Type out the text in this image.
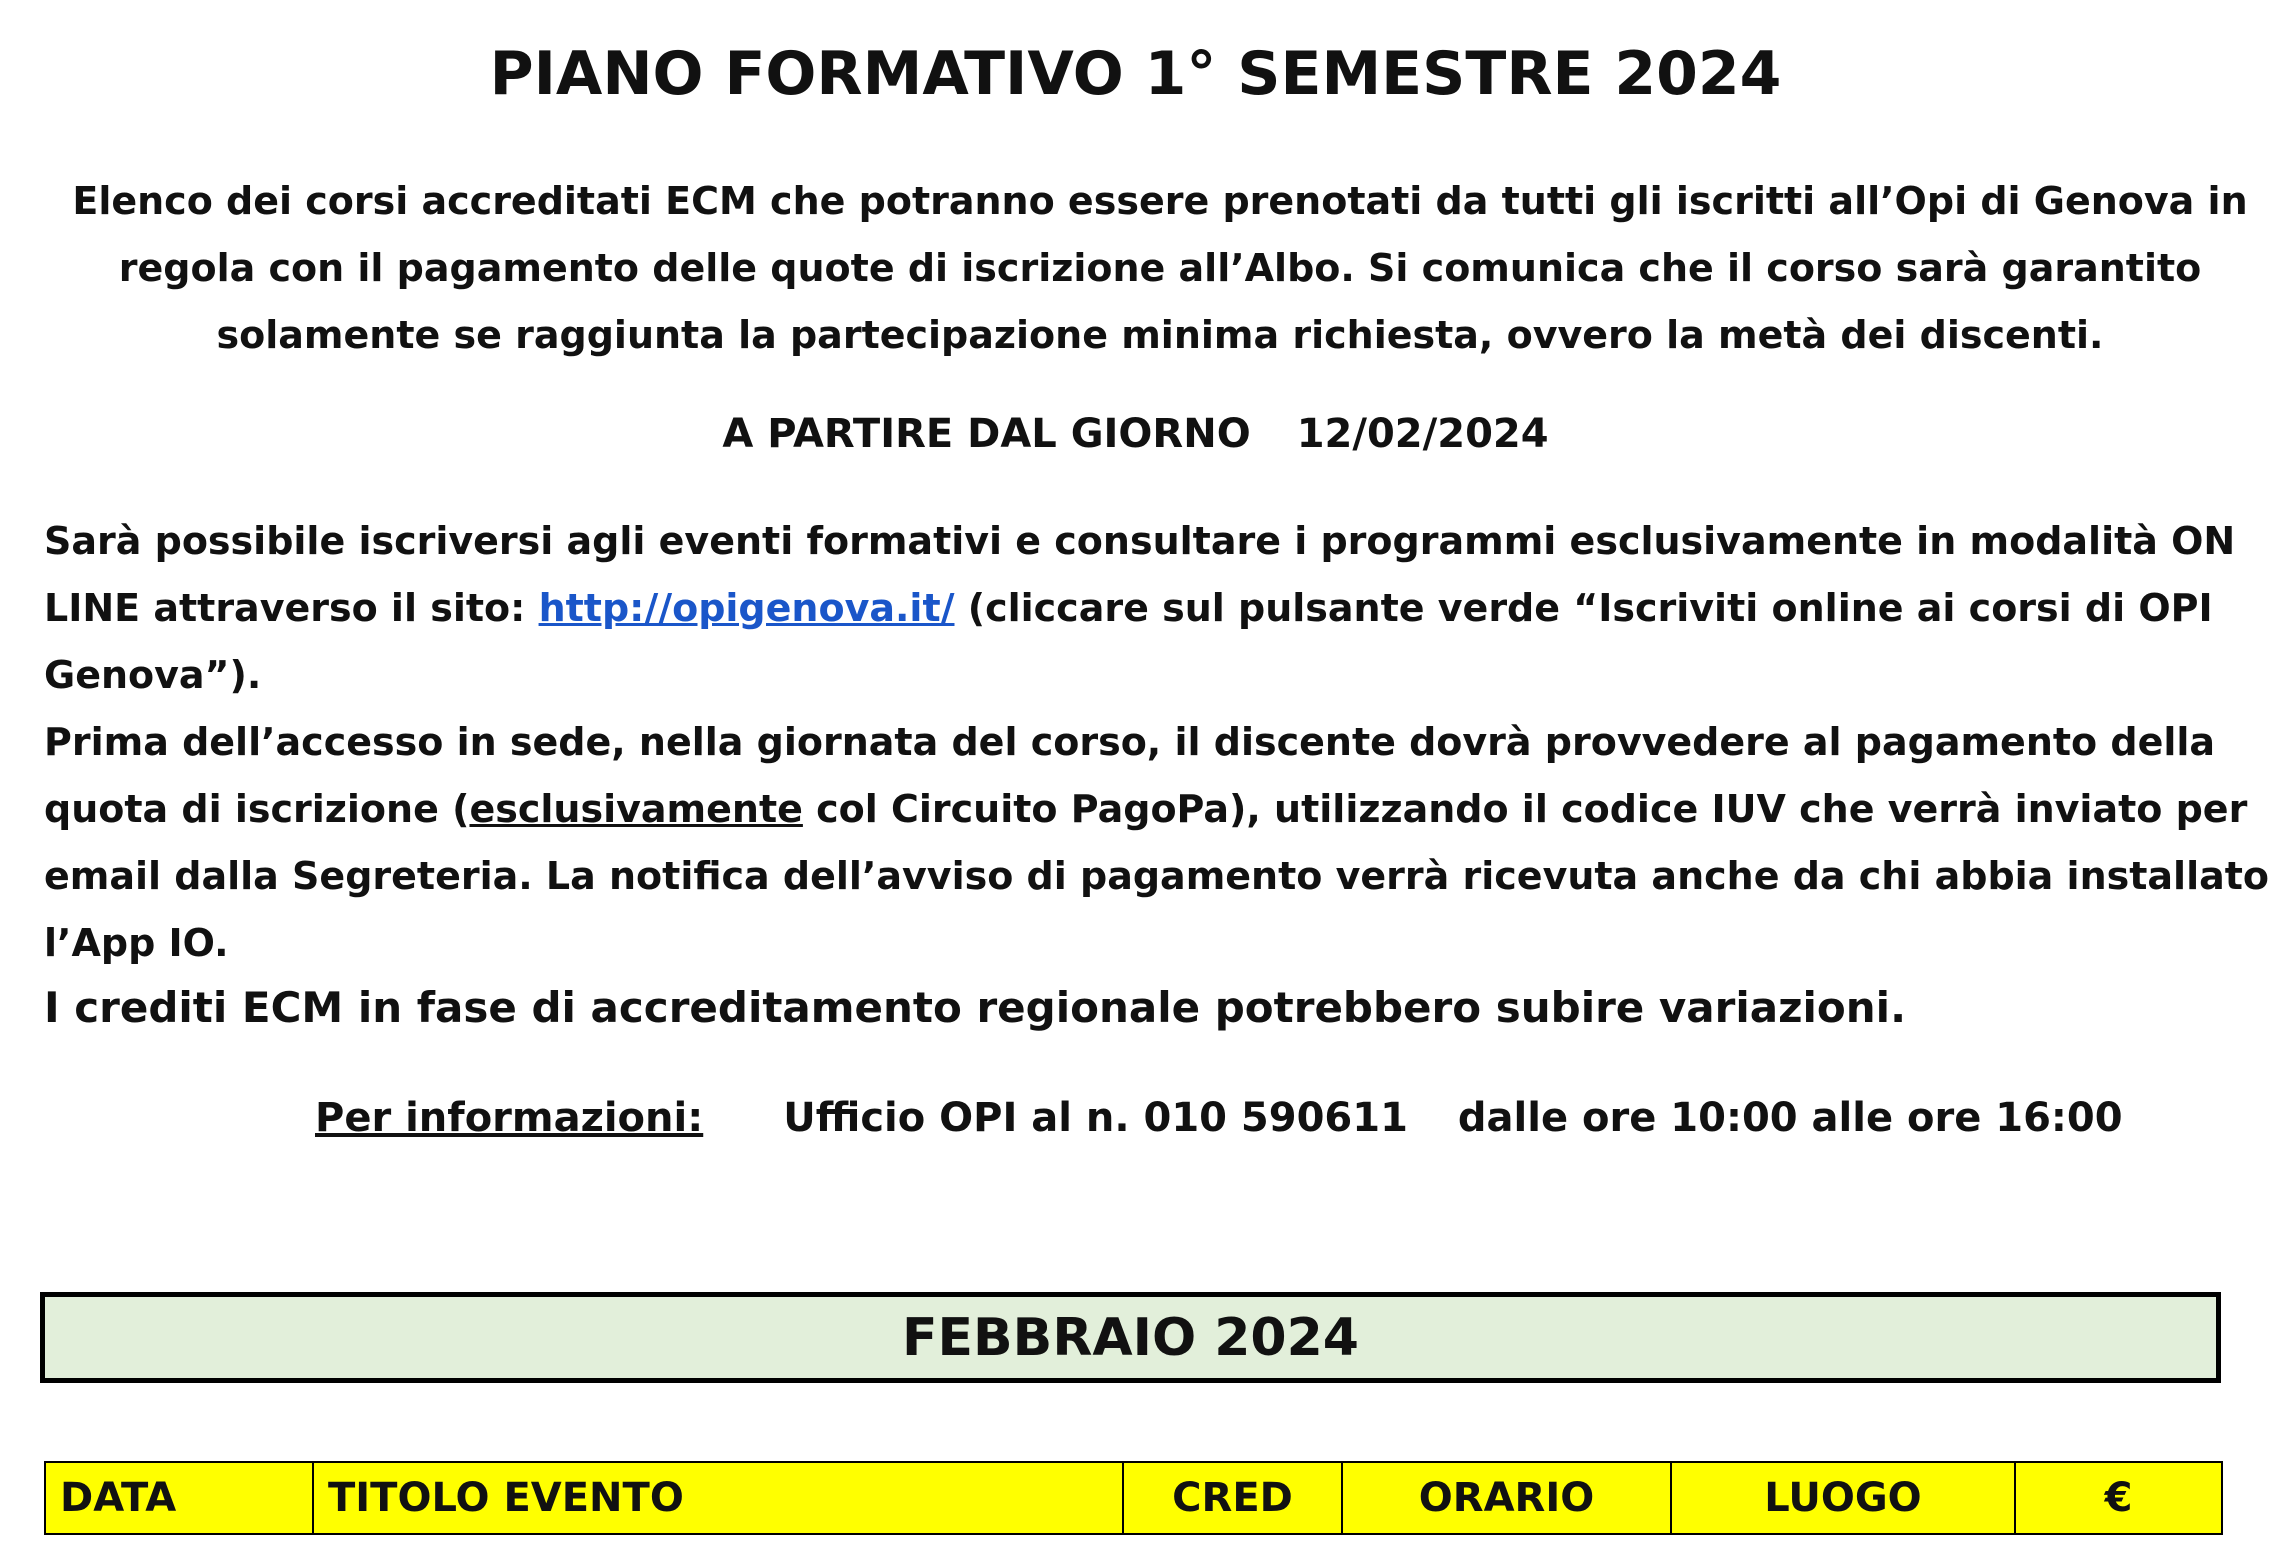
PIANO FORMATIVO 1° SEMESTRE 2024
Elenco dei corsi accreditati ECM che potranno essere prenotati da tutti gli iscritti all’Opi di Genova in
regola con il pagamento delle quote di iscrizione all’Albo. Si comunica che il corso sarà garantito
solamente se raggiunta la partecipazione minima richiesta, ovvero la metà dei discenti.
A PARTIRE DAL GIORNO 12/02/2024
Sarà possibile iscriversi agli eventi formativi e consultare i programmi esclusivamente in modalità ON
LINE attraverso il sito: http://opigenova.it/ (cliccare sul pulsante verde “Iscriviti online ai corsi di OPI
Genova”).
Prima dell’accesso in sede, nella giornata del corso, il discente dovrà provvedere al pagamento della
quota di iscrizione (esclusivamente col Circuito PagoPa), utilizzando il codice IUV che verrà inviato per
email dalla Segreteria. La notifica dell’avviso di pagamento verrà ricevuta anche da chi abbia installato
l’App IO.
I crediti ECM in fase di accreditamento regionale potrebbero subire variazioni.
Per informazioni: Ufficio OPI al n. 010 590611 dalle ore 10:00 alle ore 16:00
FEBBRAIO 2024
DATA	TITOLO EVENTO	CRED	ORARIO	LUOGO	€
